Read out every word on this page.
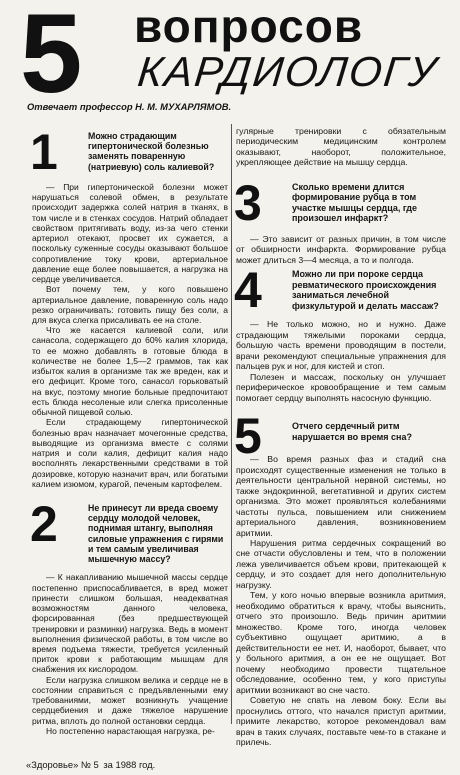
5 вопросов
КАРДИОЛОГУ
Отвечает профессор Н. М. МУХАРЛЯМОВ.
1	Можно страдающим гипертонической болезнью заменять поваренную (натриевую) соль калиевой?

— При гипертонической болезни может нарушаться солевой обмен, в результате происходит задержка солей натрия в тканях, в том числе и в стенках сосудов. Натрий обладает свойством притягивать воду, из-за чего стенки артериол отекают, просвет их сужается, а поскольку суженные сосуды оказывают большое сопротивление току крови, артериальное давление еще более повышается, а нагрузка на сердце увеличивается.

Вот почему тем, у кого повышено артериальное давление, поваренную соль надо резко ограничивать: готовить пищу без соли, а для вкуса слегка присаливать ее на столе.

Что же касается калиевой соли, или санасола, содержащего до 60% калия хлорида, то ее можно добавлять в готовые блюда в количестве не более 1,5—2 граммов, так как избыток калия в организме так же вреден, как и его дефицит. Кроме того, санасол горьковатый на вкус, поэтому многие больные предпочитают есть блюда несоленые или слегка присоленные обычной пищевой солью.

Если страдающему гипертонической болезнью врач назначает мочегонные средства, выводящие из организма вместе с солями натрия и соли калия, дефицит калия надо восполнять лекарственными средствами в той дозировке, которую назначит врач, или богатыми калием изюмом, курагой, печеным картофелем.

2	Не принесут ли вреда своему сердцу молодой человек, поднимая штангу, выполняя силовые упражнения с гирями и тем самым увеличивая мышечную массу?

— К накапливанию мышечной массы сердце постепенно приспосабливается, в вред может принести слишком большая, неадекватная возможностям данного человека, форсированная (без предшествующей тренировки и разминки) нагрузка. Ведь в момент выполнения физической работы, в том числе во время подъема тяжести, требуется усиленный приток крови к работающим мышцам для снабжения их кислородом.

Если нагрузка слишком велика и сердце не в состоянии справиться с предъявленными ему требованиями, может возникнуть учащение сердцебиения и даже тяжелое нарушение ритма, вплоть до полной остановки сердца.

Но постепенно нарастающая нагрузка, ре-

гулярные тренировки с обязательным периодическим медицинским контролем оказывают, наоборот, положительное, укрепляющее действие на мышцу сердца.

3	Сколько времени длится формирование рубца в том участке мышцы сердца, где произошел инфаркт?

— Это зависит от разных причин, в том числе от обширности инфаркта. Формирование рубца может длиться 3—4 месяца, а то и полгода.

4	Можно ли при пороке сердца ревматического происхождения заниматься лечебной физкультурой и делать массаж?

— Не только можно, но и нужно. Даже страдающим тяжелыми пороками сердца, большую часть времени проводящим в постели, врачи рекомендуют специальные упражнения для пальцев рук и ног, для кистей и стоп.

Полезен и массаж, поскольку он улучшает периферическое кровообращение и тем самым помогает сердцу выполнять насосную функцию.

5	Отчего сердечный ритм нарушается во время сна?

— Во время разных фаз и стадий сна происходят существенные изменения не только в деятельности центральной нервной системы, но также эндокринной, вегетативной и других систем организма. Это может проявляться колебаниями частоты пульса, повышением или снижением артериального давления, возникновением аритмии.

Нарушения ритма сердечных сокращений во сне отчасти обусловлены и тем, что в положении лежа увеличивается объем крови, притекающей к сердцу, и это создает для него дополнительную нагрузку.

Тем, у кого ночью впервые возникла аритмия, необходимо обратиться к врачу, чтобы выяснить, отчего это произошло. Ведь причин аритмии множество. Кроме того, иногда человек субъективно ощущает аритмию, а в действительности ее нет. И, наоборот, бывает, что у больного аритмия, а он ее не ощущает. Вот почему необходимо провести тщательное обследование, особенно тем, у кого приступы аритмии возникают во сне часто.

Советую не спать на левом боку. Если вы проснулись оттого, что начался приступ аритмии, примите лекарство, которое рекомендовал вам врач в таких случаях, поставьте чем-то в стакане и прилечь.

«Здоровье» № 5 за 1988 год.
